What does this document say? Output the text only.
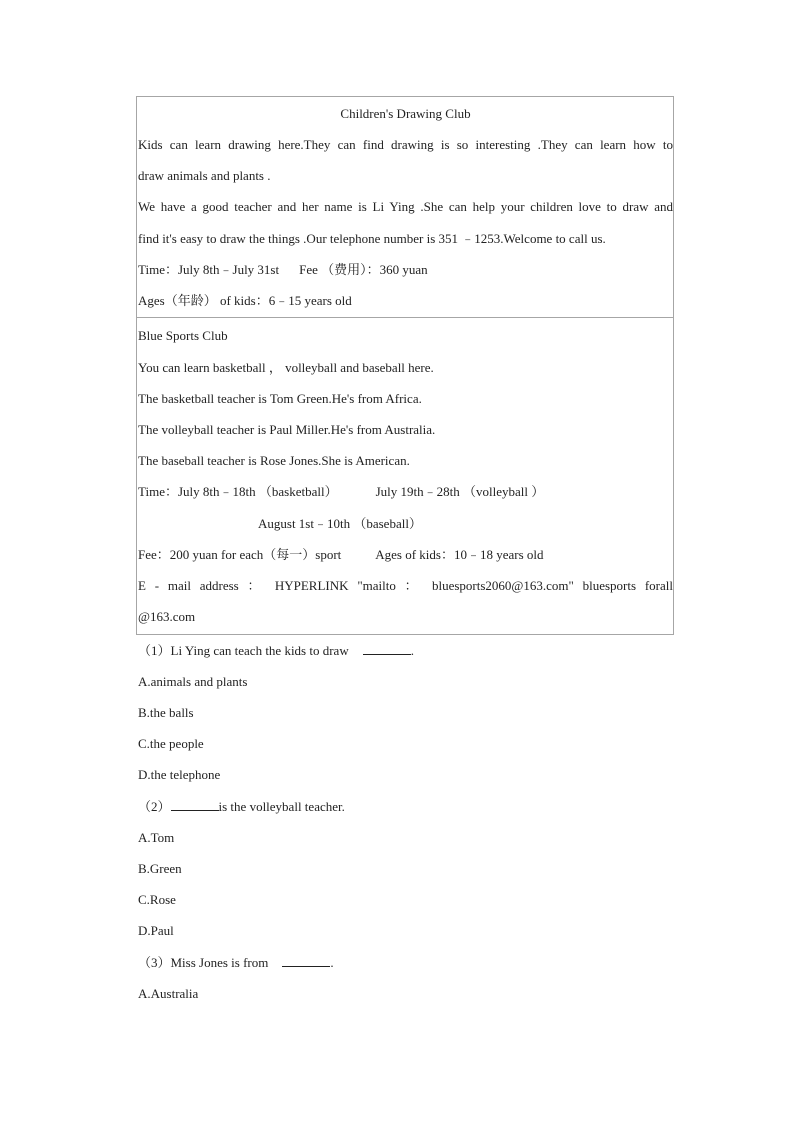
Children's Drawing Club

Kids can learn drawing here.They can find drawing is so interesting .They can learn how to

draw animals and plants .

We have a good teacher and her name is Li Ying .She can help your children love to draw and

find it's easy to draw the things .Our telephone number is 351 ﹣1253.Welcome to call us.

Time：July 8th﹣July 31st Fee （费用）：360 yuan

Ages（年龄） of kids：6﹣15 years old

Blue Sports Club

You can learn basketball ， volleyball and baseball here.

The basketball teacher is Tom Green.He's from Africa.

The volleyball teacher is Paul Miller.He's from Australia.

The baseball teacher is Rose Jones.She is American.

Time：July 8th﹣18th （basketball）	July 19th﹣28th （volleyball ）

August 1st﹣10th （baseball）

Fee：200 yuan for each（每一）sport	Ages of kids：10﹣18 years old

E - mail address ： HYPERLINK "mailto ： bluesports2060@163.com" bluesports forall

@163.com

（1）Li Ying can teach the kids to draw	.

A.animals and plants

B.the balls

C.the people

D.the telephone

（2）	is the volleyball teacher.

A.Tom

B.Green

C.Rose

D.Paul

（3）Miss Jones is from	.

A.Australia
